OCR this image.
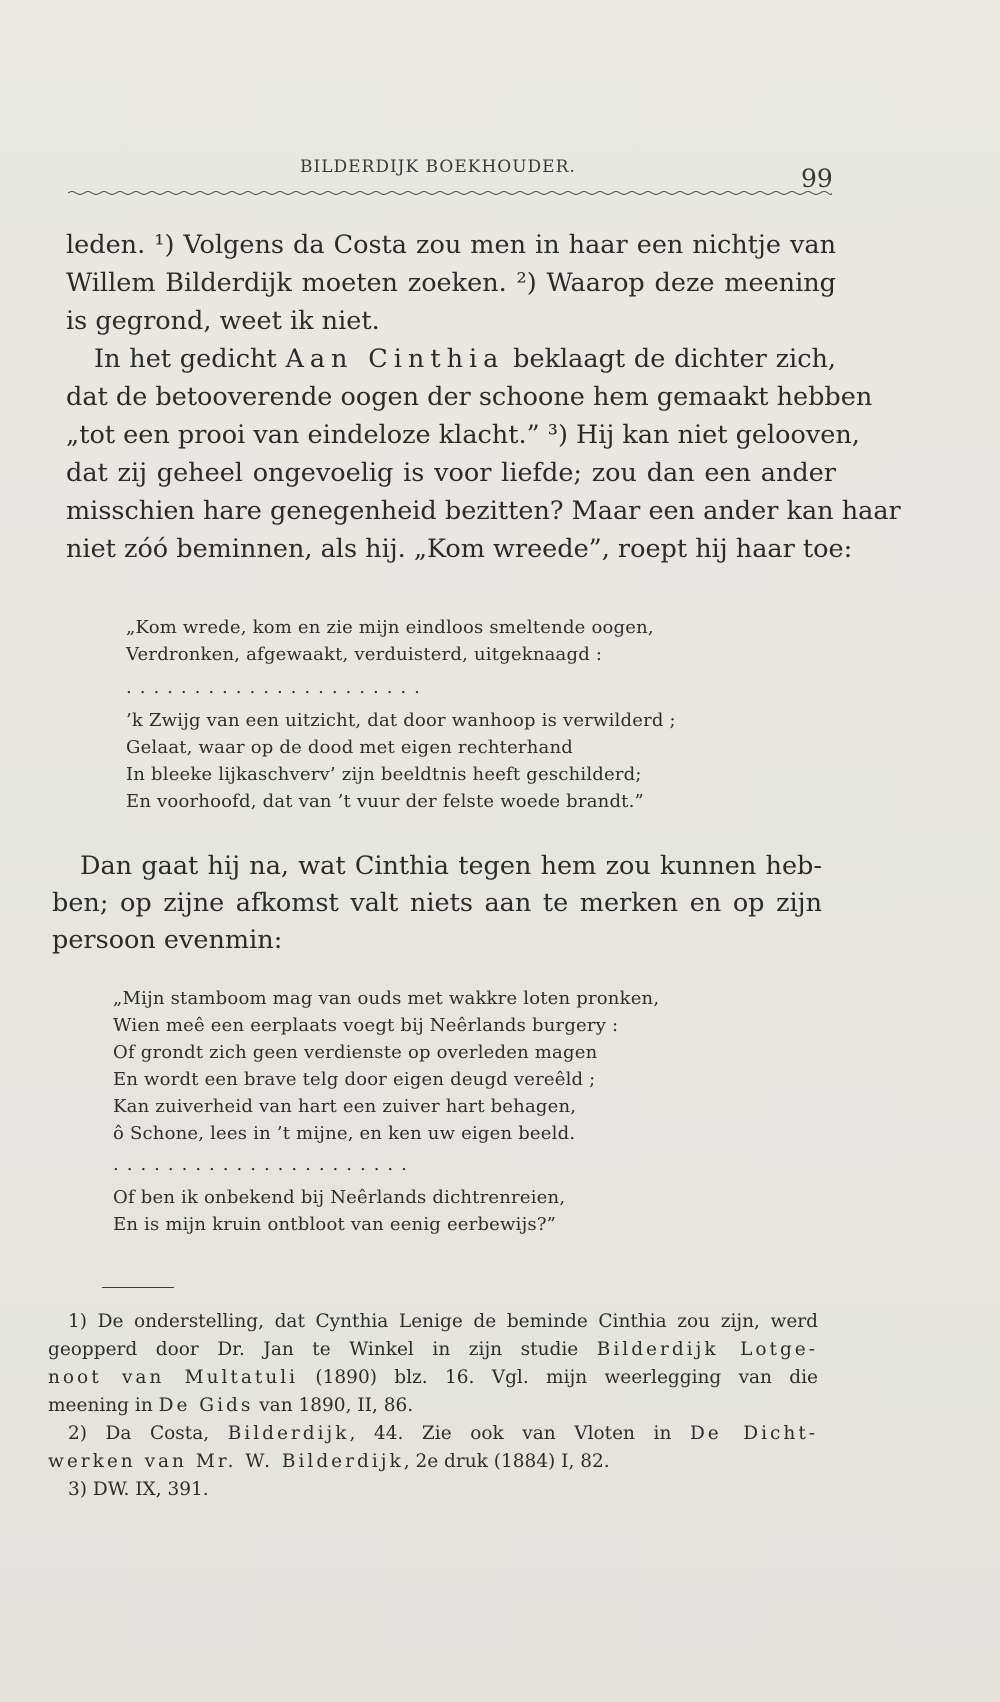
BILDERDIJK BOEKHOUDER.	99
leden. ¹) Volgens da Costa zou men in haar een nichtje van
Willem Bilderdijk moeten zoeken. ²) Waarop deze meening
is gegrond, weet ik niet.
In het gedicht Aan Cinthia beklaagt de dichter zich,
dat de betooverende oogen der schoone hem gemaakt hebben
„tot een prooi van eindeloze klacht.” ³) Hij kan niet gelooven,
dat zij geheel ongevoelig is voor liefde; zou dan een ander
misschien hare genegenheid bezitten? Maar een ander kan haar
niet zóó beminnen, als hij. „Kom wreede”, roept hij haar toe:
„Kom wrede, kom en zie mijn eindloos smeltende oogen,
Verdronken, afgewaakt, verduisterd, uitgeknaagd :
......................
’k Zwijg van een uitzicht, dat door wanhoop is verwilderd ;
Gelaat, waar op de dood met eigen rechterhand
In bleeke lijkaschverv’ zijn beeldtnis heeft geschilderd;
En voorhoofd, dat van ’t vuur der felste woede brandt.”
Dan gaat hij na, wat Cinthia tegen hem zou kunnen heb-
ben; op zijne afkomst valt niets aan te merken en op zijn
persoon evenmin:
„Mijn stamboom mag van ouds met wakkre loten pronken,
Wien meê een eerplaats voegt bij Neêrlands burgery :
Of grondt zich geen verdienste op overleden magen
En wordt een brave telg door eigen deugd vereêld ;
Kan zuiverheid van hart een zuiver hart behagen,
ô Schone, lees in ’t mijne, en ken uw eigen beeld.
......................
Of ben ik onbekend bij Neêrlands dichtrenreien,
En is mijn kruin ontbloot van eenig eerbewijs?”
1) De onderstelling, dat Cynthia Lenige de beminde Cinthia zou zijn, werd
geopperd door Dr. Jan te Winkel in zijn studie Bilderdijk Lotge-
noot van Multatuli (1890) blz. 16. Vgl. mijn weerlegging van die
meening in De Gids van 1890, II, 86.
2) Da Costa, Bilderdijk, 44. Zie ook van Vloten in De Dicht-
werken van Mr. W. Bilderdijk, 2e druk (1884) I, 82.
3) DW. IX, 391.
